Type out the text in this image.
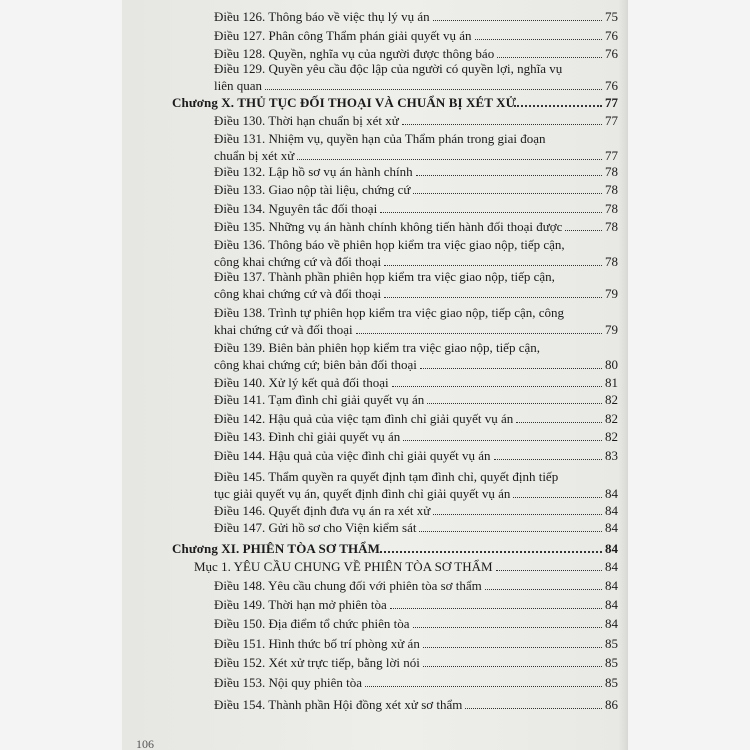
Điều 126. Thông báo về việc thụ lý vụ án	75
Điều 127. Phân công Thẩm phán giải quyết vụ án	76
Điều 128. Quyền, nghĩa vụ của người được thông báo	76
Điều 129. Quyền yêu cầu độc lập của người có quyền lợi, nghĩa vụ
liên quan	76
Chương X. THỦ TỤC ĐỐI THOẠI VÀ CHUẨN BỊ XÉT XỬ	77
Điều 130. Thời hạn chuẩn bị xét xử	77
Điều 131. Nhiệm vụ, quyền hạn của Thẩm phán trong giai đoạn
chuẩn bị xét xử	77
Điều 132. Lập hồ sơ vụ án hành chính	78
Điều 133. Giao nộp tài liệu, chứng cứ	78
Điều 134. Nguyên tắc đối thoại	78
Điều 135. Những vụ án hành chính không tiến hành đối thoại được	78
Điều 136. Thông báo về phiên họp kiểm tra việc giao nộp, tiếp cận,
công khai chứng cứ và đối thoại	78
Điều 137. Thành phần phiên họp kiểm tra việc giao nộp, tiếp cận,
công khai chứng cứ và đối thoại	79
Điều 138. Trình tự phiên họp kiểm tra việc giao nộp, tiếp cận, công
khai chứng cứ và đối thoại	79
Điều 139. Biên bản phiên họp kiểm tra việc giao nộp, tiếp cận,
công khai chứng cứ; biên bản đối thoại	80
Điều 140. Xử lý kết quả đối thoại	81
Điều 141. Tạm đình chỉ giải quyết vụ án	82
Điều 142. Hậu quả của việc tạm đình chỉ giải quyết vụ án	82
Điều 143. Đình chỉ giải quyết vụ án	82
Điều 144. Hậu quả của việc đình chỉ giải quyết vụ án	83
Điều 145. Thẩm quyền ra quyết định tạm đình chỉ, quyết định tiếp
tục giải quyết vụ án, quyết định đình chỉ giải quyết vụ án	84
Điều 146. Quyết định đưa vụ án ra xét xử	84
Điều 147. Gửi hồ sơ cho Viện kiểm sát	84
Chương XI. PHIÊN TÒA SƠ THẨM	84
Mục 1. YÊU CẦU CHUNG VỀ PHIÊN TÒA SƠ THẨM	84
Điều 148. Yêu cầu chung đối với phiên tòa sơ thẩm	84
Điều 149. Thời hạn mở phiên tòa	84
Điều 150. Địa điểm tổ chức phiên tòa	84
Điều 151. Hình thức bố trí phòng xử án	85
Điều 152. Xét xử trực tiếp, bằng lời nói	85
Điều 153. Nội quy phiên tòa	85
Điều 154. Thành phần Hội đồng xét xử sơ thẩm	86
106
